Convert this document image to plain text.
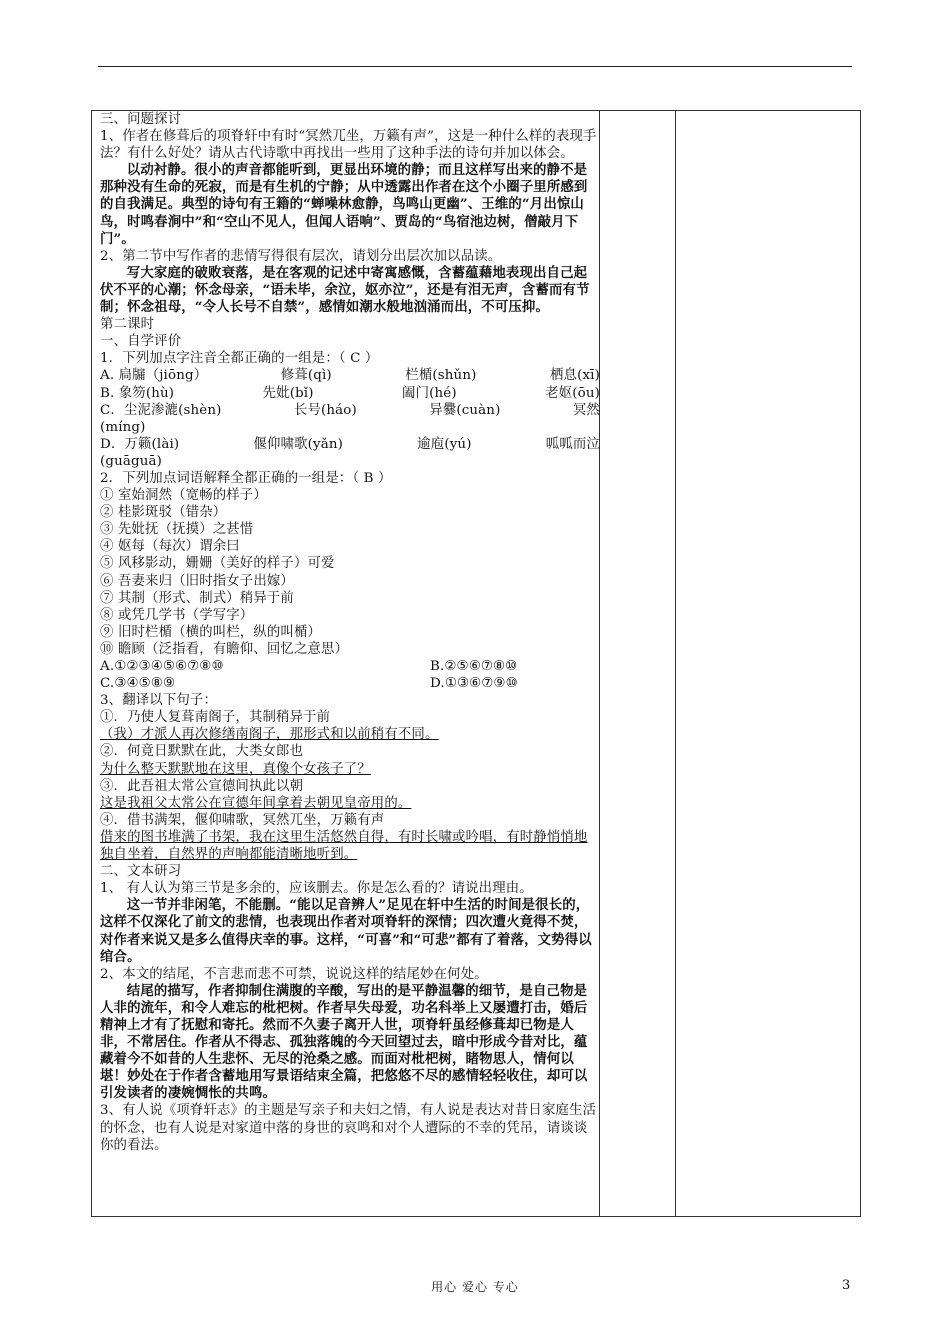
三、问题探讨

1、作者在修葺后的项脊轩中有时“冥然兀坐，万籁有声”，这是一种什么样的表现手法？有什么好处？请从古代诗歌中再找出一些用了这种手法的诗句并加以体会。

以动衬静。很小的声音都能听到，更显出环境的静；而且这样写出来的静不是那种没有生命的死寂，而是有生机的宁静；从中透露出作者在这个小圈子里所感到的自我满足。典型的诗句有王籍的“蝉噪林愈静，鸟鸣山更幽”、王维的“月出惊山鸟，时鸣春涧中”和“空山不见人，但闻人语响”、贾岛的“鸟宿池边树，僧敲月下门”。

2、第二节中写作者的悲情写得很有层次，请划分出层次加以品读。

写大家庭的破败衰落，是在客观的记述中寄寓感慨，含蓄蕴藉地表现出自己起伏不平的心潮；怀念母亲，“语未毕，余泣，妪亦泣”，还是有泪无声，含蓄而有节制；怀念祖母，“令人长号不自禁”，感情如潮水般地汹涌而出，不可压抑。

第二课时

一、自学评价

1．下列加点字注音全都正确的一组是：（ C ）

A. 扃牖（jiōng）	修葺(qì)	栏楯(shǔn)	栖息(xī)
B. 象笏(hù)	先妣(bǐ)	阖门(hé)	老妪(ōu)
C．尘泥渗漉(shèn)	长号(háo)	异爨(cuàn)	冥然

(míng)

D．万籁(lài)	偃仰啸歌(yǎn)	逾庖(yú)	呱呱而泣

(guāguā)

2．下列加点词语解释全都正确的一组是：（ B ）

① 室始洞然（宽畅的样子）

② 桂影斑驳（错杂）

③ 先妣抚（抚摸）之甚惜

④ 妪每（每次）谓余曰

⑤ 风移影动，姗姗（美好的样子）可爱

⑥ 吾妻来归（旧时指女子出嫁）

⑦ 其制（形式、制式）稍异于前

⑧ 或凭几学书（学写字）

⑨ 旧时栏楯（横的叫栏，纵的叫楯）

⑩ 瞻顾（泛指看，有瞻仰、回忆之意思）

A.①②③④⑤⑥⑦⑧⑩	B.②⑤⑥⑦⑧⑩
C.③④⑤⑧⑨	D.①③⑥⑦⑨⑩

3、翻译以下句子：

①．乃使人复葺南阁子，其制稍异于前

（我）才派人再次修缮南阁子，那形式和以前稍有不同。

②．何竟日默默在此，大类女郎也

为什么整天默默地在这里，真像个女孩子了？

③．此吾祖太常公宣德间执此以朝

这是我祖父太常公在宣德年间拿着去朝见皇帝用的。

④．借书满架，偃仰啸歌，冥然兀坐，万籁有声

借来的图书堆满了书架，我在这里生活悠然自得，有时长啸或吟唱，有时静悄悄地独自坐着，自然界的声响都能清晰地听到。

二、文本研习

1、 有人认为第三节是多余的，应该删去。你是怎么看的？请说出理由。

这一节并非闲笔，不能删。“能以足音辨人”足见在轩中生活的时间是很长的，这样不仅深化了前文的悲情，也表现出作者对项脊轩的深情；四次遭火竟得不焚，对作者来说又是多么值得庆幸的事。这样，“可喜”和“可悲”都有了着落，文势得以绾合。

2、本文的结尾，不言悲而悲不可禁，说说这样的结尾妙在何处。

结尾的描写，作者抑制住满腹的辛酸，写出的是平静温馨的细节，是自己物是人非的流年，和令人难忘的枇杷树。作者早失母爱，功名科举上又屡遭打击，婚后精神上才有了抚慰和寄托。然而不久妻子离开人世，项脊轩虽经修葺却已物是人非，不常居住。作者从不得志、孤独落魄的今天回望过去，暗中形成今昔对比，蕴藏着今不如昔的人生悲怀、无尽的沧桑之感。而面对枇杷树，睹物思人，情何以堪！妙处在于作者含蓄地用写景语结束全篇，把悠悠不尽的感情轻轻收住，却可以引发读者的凄婉惆怅的共鸣。

3、有人说《项脊轩志》的主题是写亲子和夫妇之情，有人说是表达对昔日家庭生活的怀念，也有人说是对家道中落的身世的哀鸣和对个人遭际的不幸的凭吊，请谈谈你的看法。

用心 爱心 专心	3
